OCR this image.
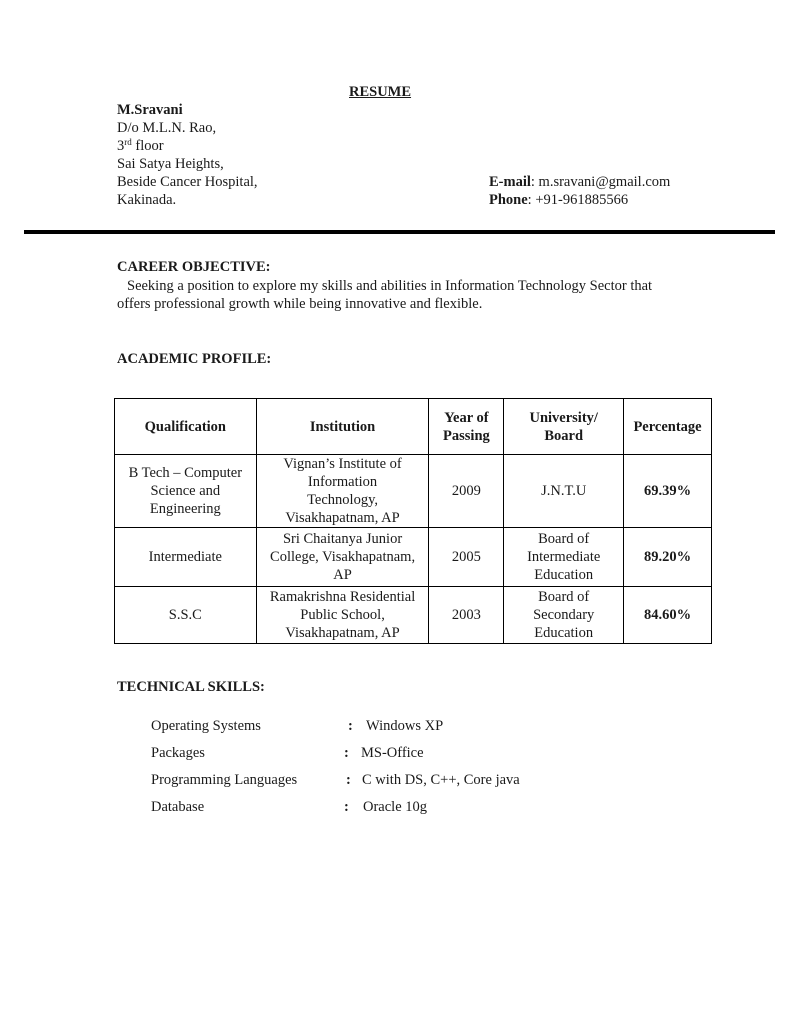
RESUME
M.Sravani
D/o M.L.N. Rao,
3rd floor
Sai Satya Heights,
Beside Cancer Hospital,
Kakinada.
E-mail: m.sravani@gmail.com
Phone: +91-961885566
CAREER OBJECTIVE:

Seeking a position to explore my skills and abilities in Information Technology Sector that

offers professional growth while being innovative and flexible.

ACADEMIC PROFILE:
Qualification	Institution	Year of
Passing	University/
Board	Percentage
B Tech – Computer
Science and
Engineering	Vignan’s Institute of
Information
Technology,
Visakhapatnam, AP	2009	J.N.T.U	69.39%
Intermediate	Sri Chaitanya Junior
College, Visakhapatnam,
AP	2005	Board of
Intermediate
Education	89.20%
S.S.C	Ramakrishna Residential
Public School,
Visakhapatnam, AP	2003	Board of
Secondary
Education	84.60%
TECHNICAL SKILLS:
Operating Systems	: Windows XP
Packages	: MS-Office
Programming Languages	: C with DS, C++, Core java
Database	: Oracle 10g
